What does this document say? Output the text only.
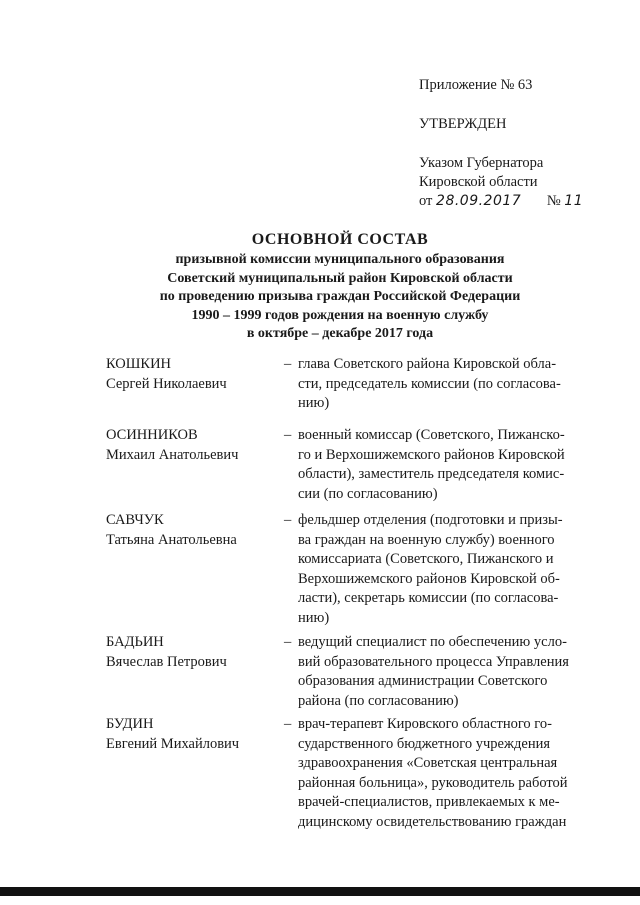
Приложение № 63

УТВЕРЖДЕН

Указом Губернатора

Кировской области

от 28.09.2017 № 11

ОСНОВНОЙ СОСТАВ
призывной комиссии муниципального образования
Советский муниципальный район Кировской области
по проведению призыва граждан Российской Федерации
1990 – 1999 годов рождения на военную службу
в октябре – декабре 2017 года
КОШКИН
Сергей Николаевич
– глава Советского района Кировской обла-
сти, председатель комиссии (по согласова-
нию)
ОСИННИКОВ
Михаил Анатольевич
– военный комиссар (Советского, Пижанско-
го и Верхошижемского районов Кировской
области), заместитель председателя комис-
сии (по согласованию)
САВЧУК
Татьяна Анатольевна
– фельдшер отделения (подготовки и призы-
ва граждан на военную службу) военного
комиссариата (Советского, Пижанского и
Верхошижемского районов Кировской об-
ласти), секретарь комиссии (по согласова-
нию)
БАДЬИН
Вячеслав Петрович
– ведущий специалист по обеспечению усло-
вий образовательного процесса Управления
образования администрации Советского
района (по согласованию)
БУДИН
Евгений Михайлович
– врач-терапевт Кировского областного го-
сударственного бюджетного учреждения
здравоохранения «Советская центральная
районная больница», руководитель работой
врачей-специалистов, привлекаемых к ме-
дицинскому освидетельствованию граждан
